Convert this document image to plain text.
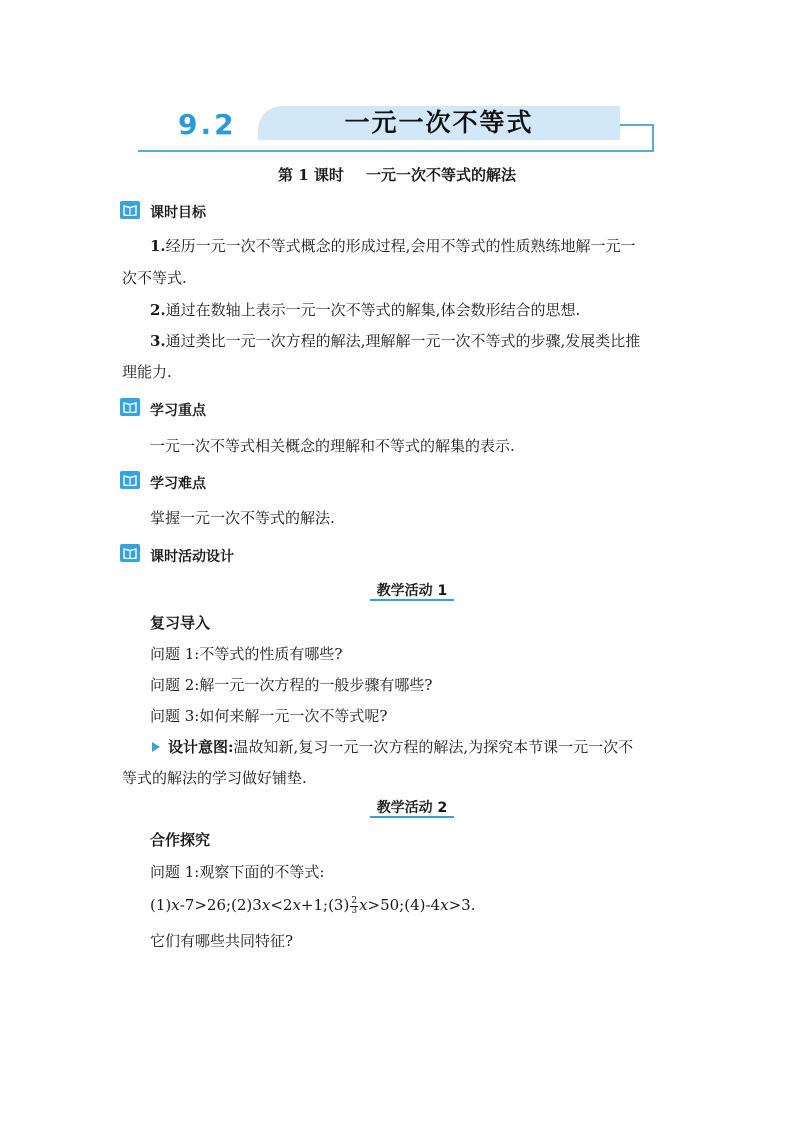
9.2	一元一次不等式
第 1 课时 一元一次不等式的解法
课时目标
1.经历一元一次不等式概念的形成过程,会用不等式的性质熟练地解一元一
次不等式.
2.通过在数轴上表示一元一次不等式的解集,体会数形结合的思想.
3.通过类比一元一次方程的解法,理解解一元一次不等式的步骤,发展类比推
理能力.
学习重点
一元一次不等式相关概念的理解和不等式的解集的表示.
学习难点
掌握一元一次不等式的解法.
课时活动设计
教学活动 1
复习导入
问题 1:不等式的性质有哪些?
问题 2:解一元一次方程的一般步骤有哪些?
问题 3:如何来解一元一次不等式呢?
设计意图:温故知新,复习一元一次方程的解法,为探究本节课一元一次不
等式的解法的学习做好铺垫.
教学活动 2
合作探究
问题 1:观察下面的不等式:
(1)x-7>26;(2)3x<2x+1;(3) $\frac{2}{3}$ x>50;(4)-4x>3.
它们有哪些共同特征?
